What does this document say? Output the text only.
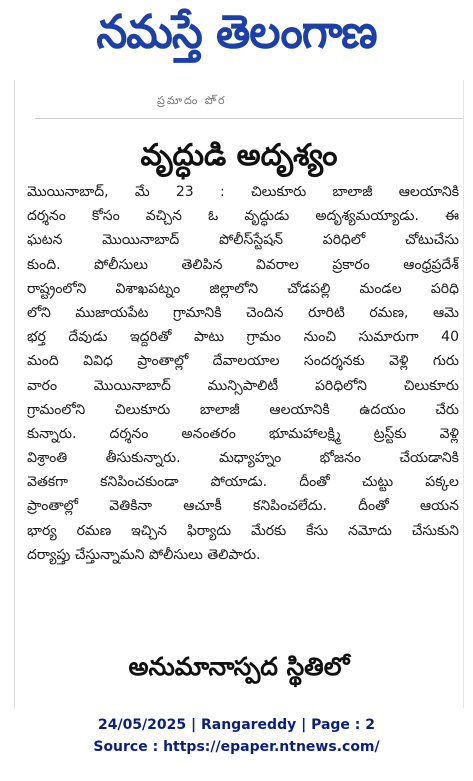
నమస్తే తెలంగాణ
ప్రమాదం పొ్ర
వృద్ధుడి అదృశ్యం
మొయినాబాద్, మే 23 : చిలుకూరు బాలాజీ ఆలయానికి
దర్శనం కోసం వచ్చిన ఓ వృద్ధుడు అదృశ్యమయ్యాడు. ఈ
ఘటన మొయినాబాద్ పోలీస్‌స్టేషన్ పరిధిలో చోటుచేసు
కుంది. పోలీసులు తెలిపిన వివరాల ప్రకారం ఆంధ్రప్రదేశ్
రాష్ట్రంలోని విశాఖపట్నం జిల్లాలోని చోడపల్లి మండల పరిధి
లోని ముజాయపేట గ్రామానికి చెందిన రూరిటి రమణ, ఆమె
భర్త దేవుడు ఇద్దరితో పాటు గ్రామం నుంచి సుమారుగా 40
మంది వివిధ ప్రాంతాల్లో దేవాలయాల సందర్శనకు వెళ్లి గురు
వారం మొయినాబాద్ మున్సిపాలిటీ పరిధిలోని చిలుకూరు
గ్రామంలోని చిలుకూరు బాలాజీ ఆలయానికి ఉదయం చేరు
కున్నారు. దర్శనం అనంతరం భూమహాలక్ష్మి ట్రస్ట్‌కు వెళ్లి
విశ్రాంతి తీసుకున్నారు. మధ్యాహ్నం భోజనం చేయడానికి
వెతకగా కనిపించకుండా పోయాడు. దీంతో చుట్టు పక్కల
ప్రాంతాల్లో వెతికినా ఆచూకీ కనిపించలేదు. దీంతో ఆయన
భార్య రమణ ఇచ్చిన ఫిర్యాదు మేరకు కేసు నమోదు చేసుకుని
దర్యాప్తు చేస్తున్నామని పోలీసులు తెలిపారు.
అనుమానాస్పద స్థితిలో
24/05/2025 | Rangareddy | Page : 2
Source : https://epaper.ntnews.com/
